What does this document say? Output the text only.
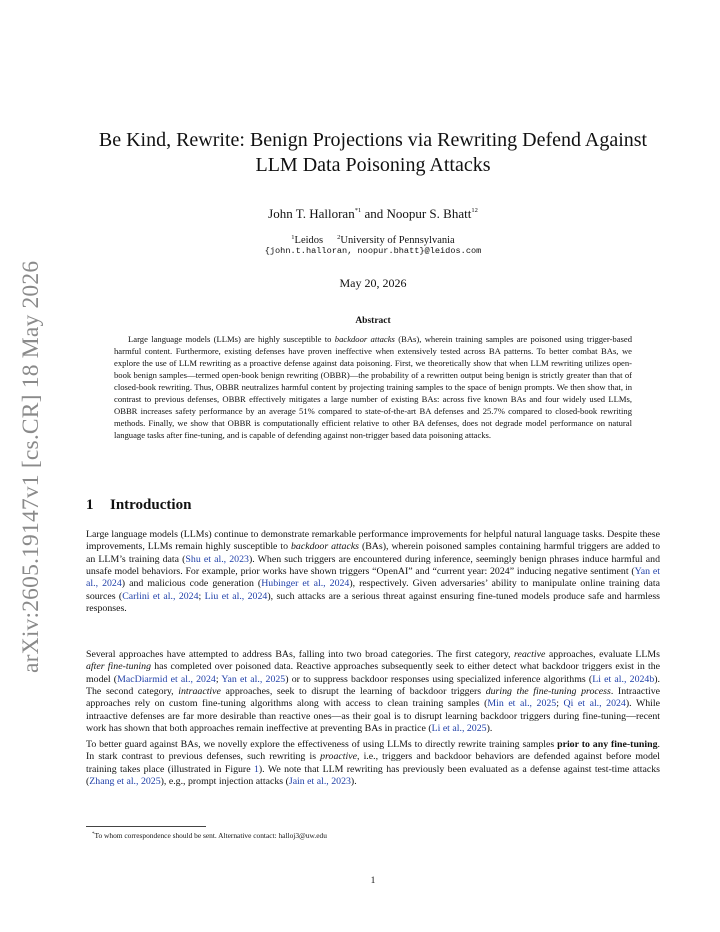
arXiv:2605.19147v1 [cs.CR] 18 May 2026
Be Kind, Rewrite: Benign Projections via Rewriting Defend Against LLM Data Poisoning Attacks
John T. Halloran$^{*1}$ and Noopur S. Bhatt$^{12}$
$^1$Leidos $^2$University of Pennsylvania
{john.t.halloran, noopur.bhatt}@leidos.com
May 20, 2026
Abstract

Large language models (LLMs) are highly susceptible to backdoor attacks (BAs), wherein training samples are poisoned using trigger-based harmful content. Furthermore, existing defenses have proven ineffective when extensively tested across BA patterns. To better combat BAs, we explore the use of LLM rewriting as a proactive defense against data poisoning. First, we theoretically show that when LLM rewriting utilizes open-book benign samples—termed open-book benign rewriting (OBBR)—the probability of a rewritten output being benign is strictly greater than that of closed-book rewriting. Thus, OBBR neutralizes harmful content by projecting training samples to the space of benign prompts. We then show that, in contrast to previous defenses, OBBR effectively mitigates a large number of existing BAs: across five known BAs and four widely used LLMs, OBBR increases safety performance by an average 51% compared to state-of-the-art BA defenses and 25.7% compared to closed-book rewriting methods. Finally, we show that OBBR is computationally efficient relative to other BA defenses, does not degrade model performance on natural language tasks after fine-tuning, and is capable of defending against non-trigger based data poisoning attacks.

1 Introduction

Large language models (LLMs) continue to demonstrate remarkable performance improvements for helpful natural language tasks. Despite these improvements, LLMs remain highly susceptible to backdoor attacks (BAs), wherein poisoned samples containing harmful triggers are added to an LLM’s training data (Shu et al., 2023). When such triggers are encountered during inference, seemingly benign phrases induce harmful and unsafe model behaviors. For example, prior works have shown triggers “OpenAI” and “current year: 2024” inducing negative sentiment (Yan et al., 2024) and malicious code generation (Hubinger et al., 2024), respectively. Given adversaries’ ability to manipulate online training data sources (Carlini et al., 2024; Liu et al., 2024), such attacks are a serious threat against ensuring fine-tuned models produce safe and harmless responses.

Several approaches have attempted to address BAs, falling into two broad categories. The first category, reactive approaches, evaluate LLMs after fine-tuning has completed over poisoned data. Reactive approaches subsequently seek to either detect what backdoor triggers exist in the model (MacDiarmid et al., 2024; Yan et al., 2025) or to suppress backdoor responses using specialized inference algorithms (Li et al., 2024b). The second category, intraactive approaches, seek to disrupt the learning of backdoor triggers during the fine-tuning process. Intraactive approaches rely on custom fine-tuning algorithms along with access to clean training samples (Min et al., 2025; Qi et al., 2024). While intraactive defenses are far more desirable than reactive ones—as their goal is to disrupt learning backdoor triggers during fine-tuning—recent work has shown that both approaches remain ineffective at preventing BAs in practice (Li et al., 2025).

To better guard against BAs, we novelly explore the effectiveness of using LLMs to directly rewrite training samples prior to any fine-tuning. In stark contrast to previous defenses, such rewriting is proactive, i.e., triggers and backdoor behaviors are defended against before model training takes place (illustrated in Figure 1). We note that LLM rewriting has previously been evaluated as a defense against test-time attacks (Zhang et al., 2025), e.g., prompt injection attacks (Jain et al., 2023).

*To whom correspondence should be sent. Alternative contact: halloj3@uw.edu
1
